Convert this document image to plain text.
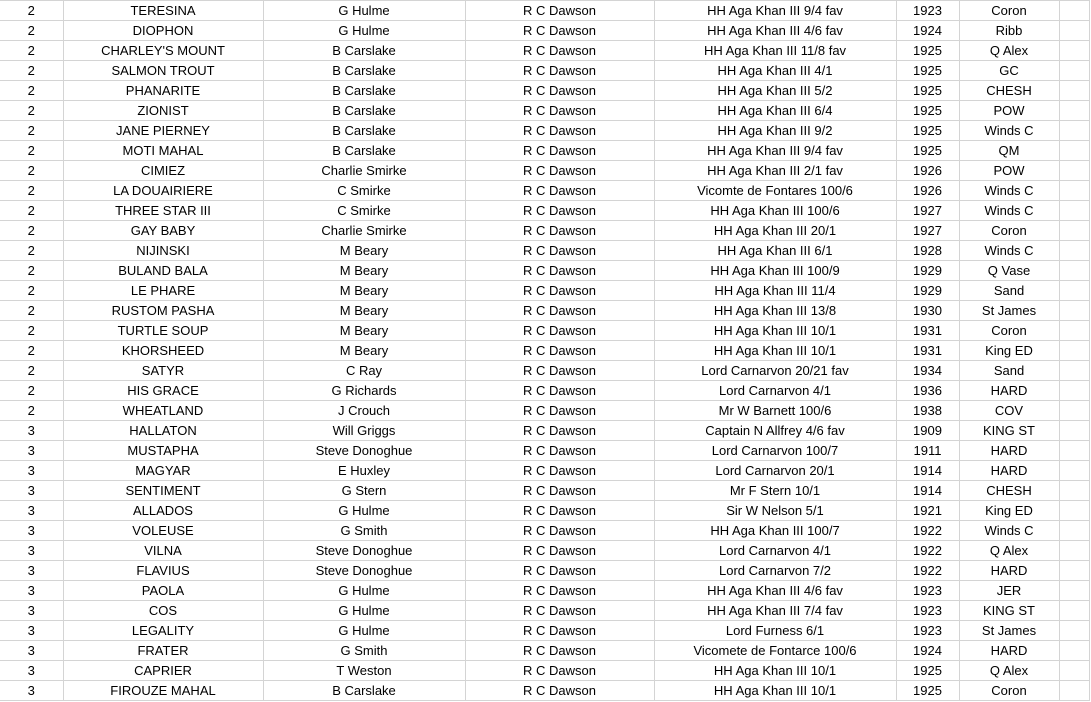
2	TERESINA	G Hulme	R C Dawson	HH Aga Khan III 9/4 fav	1923	Coron	
2	DIOPHON	G Hulme	R C Dawson	HH Aga Khan III 4/6 fav	1924	Ribb	
2	CHARLEY'S MOUNT	B Carslake	R C Dawson	HH Aga Khan III 11/8 fav	1925	Q Alex	
2	SALMON TROUT	B Carslake	R C Dawson	HH Aga Khan III 4/1	1925	GC	
2	PHANARITE	B Carslake	R C Dawson	HH Aga Khan III 5/2	1925	CHESH	
2	ZIONIST	B Carslake	R C Dawson	HH Aga Khan III 6/4	1925	POW	
2	JANE PIERNEY	B Carslake	R C Dawson	HH Aga Khan III 9/2	1925	Winds C	
2	MOTI MAHAL	B Carslake	R C Dawson	HH Aga Khan III 9/4 fav	1925	QM	
2	CIMIEZ	Charlie Smirke	R C Dawson	HH Aga Khan III 2/1 fav	1926	POW	
2	LA DOUAIRIERE	C Smirke	R C Dawson	Vicomte de Fontares 100/6	1926	Winds C	
2	THREE STAR III	C Smirke	R C Dawson	HH Aga Khan III 100/6	1927	Winds C	
2	GAY BABY	Charlie Smirke	R C Dawson	HH Aga Khan III 20/1	1927	Coron	
2	NIJINSKI	M Beary	R C Dawson	HH Aga Khan III 6/1	1928	Winds C	
2	BULAND BALA	M Beary	R C Dawson	HH Aga Khan III 100/9	1929	Q Vase	
2	LE PHARE	M Beary	R C Dawson	HH Aga Khan III 11/4	1929	Sand	
2	RUSTOM PASHA	M Beary	R C Dawson	HH Aga Khan III 13/8	1930	St James	
2	TURTLE SOUP	M Beary	R C Dawson	HH Aga Khan III 10/1	1931	Coron	
2	KHORSHEED	M Beary	R C Dawson	HH Aga Khan III 10/1	1931	King ED	
2	SATYR	C Ray	R C Dawson	Lord Carnarvon 20/21 fav	1934	Sand	
2	HIS GRACE	G Richards	R C Dawson	Lord Carnarvon 4/1	1936	HARD	
2	WHEATLAND	J Crouch	R C Dawson	Mr W Barnett 100/6	1938	COV	
3	HALLATON	Will Griggs	R C Dawson	Captain N Allfrey 4/6 fav	1909	KING ST	
3	MUSTAPHA	Steve Donoghue	R C Dawson	Lord Carnarvon 100/7	1911	HARD	
3	MAGYAR	E Huxley	R C Dawson	Lord Carnarvon 20/1	1914	HARD	
3	SENTIMENT	G Stern	R C Dawson	Mr F Stern 10/1	1914	CHESH	
3	ALLADOS	G Hulme	R C Dawson	Sir W Nelson 5/1	1921	King ED	
3	VOLEUSE	G Smith	R C Dawson	HH Aga Khan III 100/7	1922	Winds C	
3	VILNA	Steve Donoghue	R C Dawson	Lord Carnarvon 4/1	1922	Q Alex	
3	FLAVIUS	Steve Donoghue	R C Dawson	Lord Carnarvon 7/2	1922	HARD	
3	PAOLA	G Hulme	R C Dawson	HH Aga Khan III 4/6 fav	1923	JER	
3	COS	G Hulme	R C Dawson	HH Aga Khan III 7/4 fav	1923	KING ST	
3	LEGALITY	G Hulme	R C Dawson	Lord Furness 6/1	1923	St James	
3	FRATER	G Smith	R C Dawson	Vicomete de Fontarce 100/6	1924	HARD	
3	CAPRIER	T Weston	R C Dawson	HH Aga Khan III 10/1	1925	Q Alex	
3	FIROUZE MAHAL	B Carslake	R C Dawson	HH Aga Khan III 10/1	1925	Coron	
